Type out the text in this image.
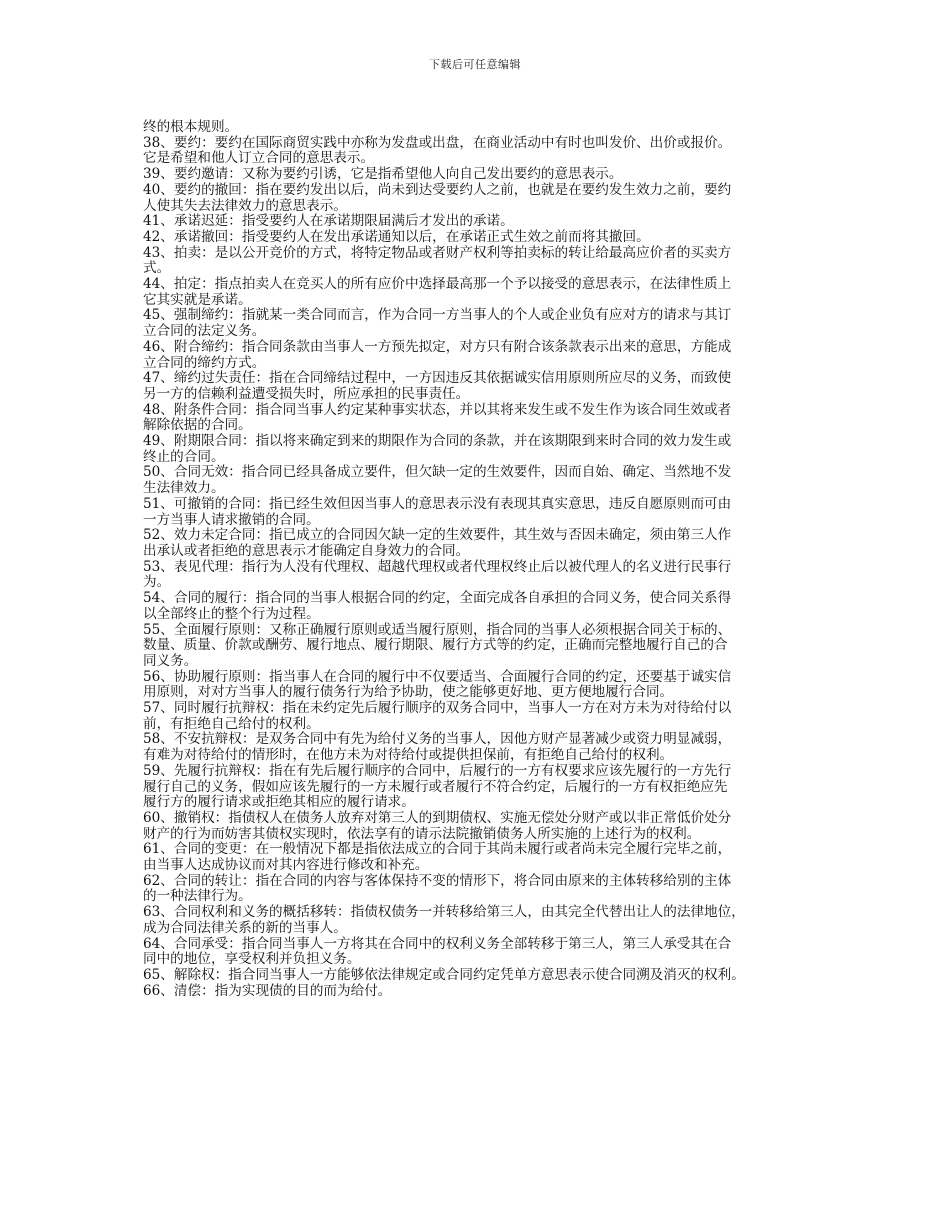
下载后可任意编辑

终的根本规则。

38、要约：要约在国际商贸实践中亦称为发盘或出盘，在商业活动中有时也叫发价、出价或报价。
它是希望和他人订立合同的意思表示。

39、要约邀请：又称为要约引诱，它是指希望他人向自己发出要约的意思表示。

40、要约的撤回：指在要约发出以后，尚未到达受要约人之前，也就是在要约发生效力之前，要约
人使其失去法律效力的意思表示。

41、承诺迟延：指受要约人在承诺期限届满后才发出的承诺。

42、承诺撤回：指受要约人在发出承诺通知以后，在承诺正式生效之前而将其撤回。

43、拍卖：是以公开竞价的方式，将特定物品或者财产权利等拍卖标的转让给最高应价者的买卖方
式。

44、拍定：指点拍卖人在竞买人的所有应价中选择最高那一个予以接受的意思表示，在法律性质上
它其实就是承诺。

45、强制缔约：指就某一类合同而言，作为合同一方当事人的个人或企业负有应对方的请求与其订
立合同的法定义务。

46、附合缔约：指合同条款由当事人一方预先拟定，对方只有附合该条款表示出来的意思，方能成
立合同的缔约方式。

47、缔约过失责任：指在合同缔结过程中，一方因违反其依据诚实信用原则所应尽的义务，而致使
另一方的信赖利益遭受损失时，所应承担的民事责任。

48、附条件合同：指合同当事人约定某种事实状态，并以其将来发生或不发生作为该合同生效或者
解除依据的合同。

49、附期限合同：指以将来确定到来的期限作为合同的条款，并在该期限到来时合同的效力发生或
终止的合同。

50、合同无效：指合同已经具备成立要件，但欠缺一定的生效要件，因而自始、确定、当然地不发
生法律效力。

51、可撤销的合同：指已经生效但因当事人的意思表示没有表现其真实意思，违反自愿原则而可由
一方当事人请求撤销的合同。

52、效力未定合同：指已成立的合同因欠缺一定的生效要件，其生效与否因未确定，须由第三人作
出承认或者拒绝的意思表示才能确定自身效力的合同。

53、表见代理：指行为人没有代理权、超越代理权或者代理权终止后以被代理人的名义进行民事行
为。

54、合同的履行：指合同的当事人根据合同的约定，全面完成各自承担的合同义务，使合同关系得
以全部终止的整个行为过程。

55、全面履行原则：又称正确履行原则或适当履行原则，指合同的当事人必须根据合同关于标的、
数量、质量、价款或酬劳、履行地点、履行期限、履行方式等的约定，正确而完整地履行自己的合
同义务。

56、协助履行原则：指当事人在合同的履行中不仅要适当、合面履行合同的约定，还要基于诚实信
用原则，对对方当事人的履行债务行为给予协助，使之能够更好地、更方便地履行合同。

57、同时履行抗辩权：指在未约定先后履行顺序的双务合同中，当事人一方在对方未为对待给付以
前，有拒绝自己给付的权利。

58、不安抗辩权：是双务合同中有先为给付义务的当事人，因他方财产显著减少或资力明显减弱，
有难为对待给付的情形时，在他方未为对待给付或提供担保前，有拒绝自己给付的权利。

59、先履行抗辩权：指在有先后履行顺序的合同中，后履行的一方有权要求应该先履行的一方先行
履行自己的义务，假如应该先履行的一方未履行或者履行不符合约定，后履行的一方有权拒绝应先
履行方的履行请求或拒绝其相应的履行请求。

60、撤销权：指债权人在债务人放弃对第三人的到期债权、实施无偿处分财产或以非正常低价处分
财产的行为而妨害其债权实现时，依法享有的请示法院撤销债务人所实施的上述行为的权利。

61、合同的变更：在一般情况下都是指依法成立的合同于其尚未履行或者尚未完全履行完毕之前，
由当事人达成协议而对其内容进行修改和补充。

62、合同的转让：指在合同的内容与客体保持不变的情形下，将合同由原来的主体转移给别的主体
的一种法律行为。

63、合同权利和义务的概括移转：指债权债务一并转移给第三人，由其完全代替出让人的法律地位，
成为合同法律关系的新的当事人。

64、合同承受：指合同当事人一方将其在合同中的权利义务全部转移于第三人，第三人承受其在合
同中的地位，享受权利并负担义务。

65、解除权：指合同当事人一方能够依法律规定或合同约定凭单方意思表示使合同溯及消灭的权利。

66、清偿：指为实现债的目的而为给付。
